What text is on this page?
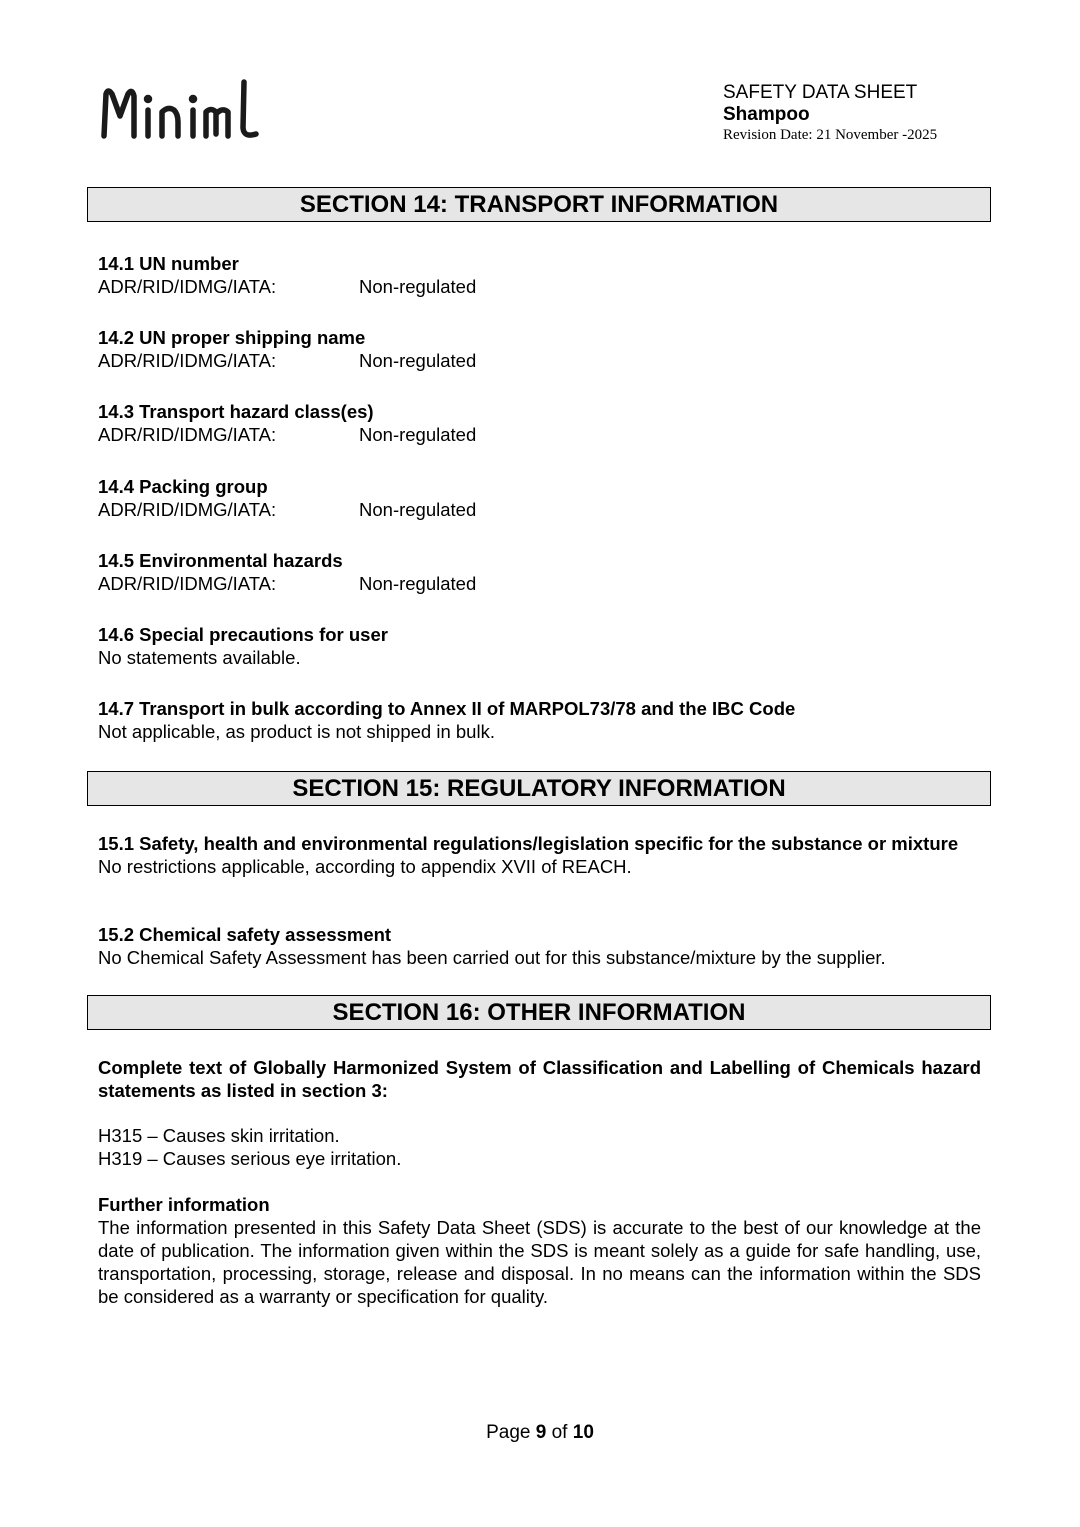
SAFETY DATA SHEET
Shampoo
Revision Date: 21 November -2025
SECTION 14: TRANSPORT INFORMATION
14.1 UN number
ADR/RID/IDMG/IATA:	Non-regulated
14.2 UN proper shipping name
ADR/RID/IDMG/IATA:	Non-regulated
14.3 Transport hazard class(es)
ADR/RID/IDMG/IATA:	Non-regulated
14.4 Packing group
ADR/RID/IDMG/IATA:	Non-regulated
14.5 Environmental hazards
ADR/RID/IDMG/IATA:	Non-regulated
14.6 Special precautions for user
No statements available.
14.7 Transport in bulk according to Annex II of MARPOL73/78 and the IBC Code
Not applicable, as product is not shipped in bulk.
SECTION 15: REGULATORY INFORMATION
15.1 Safety, health and environmental regulations/legislation specific for the substance or mixture
No restrictions applicable, according to appendix XVII of REACH.
15.2 Chemical safety assessment
No Chemical Safety Assessment has been carried out for this substance/mixture by the supplier.
SECTION 16: OTHER INFORMATION
Complete text of Globally Harmonized System of Classification and Labelling of Chemicals hazard statements as listed in section 3:
H315 – Causes skin irritation.
H319 – Causes serious eye irritation.
Further information
The information presented in this Safety Data Sheet (SDS) is accurate to the best of our knowledge at the date of publication. The information given within the SDS is meant solely as a guide for safe handling, use, transportation, processing, storage, release and disposal. In no means can the information within the SDS be considered as a warranty or specification for quality.
Page 9 of 10
